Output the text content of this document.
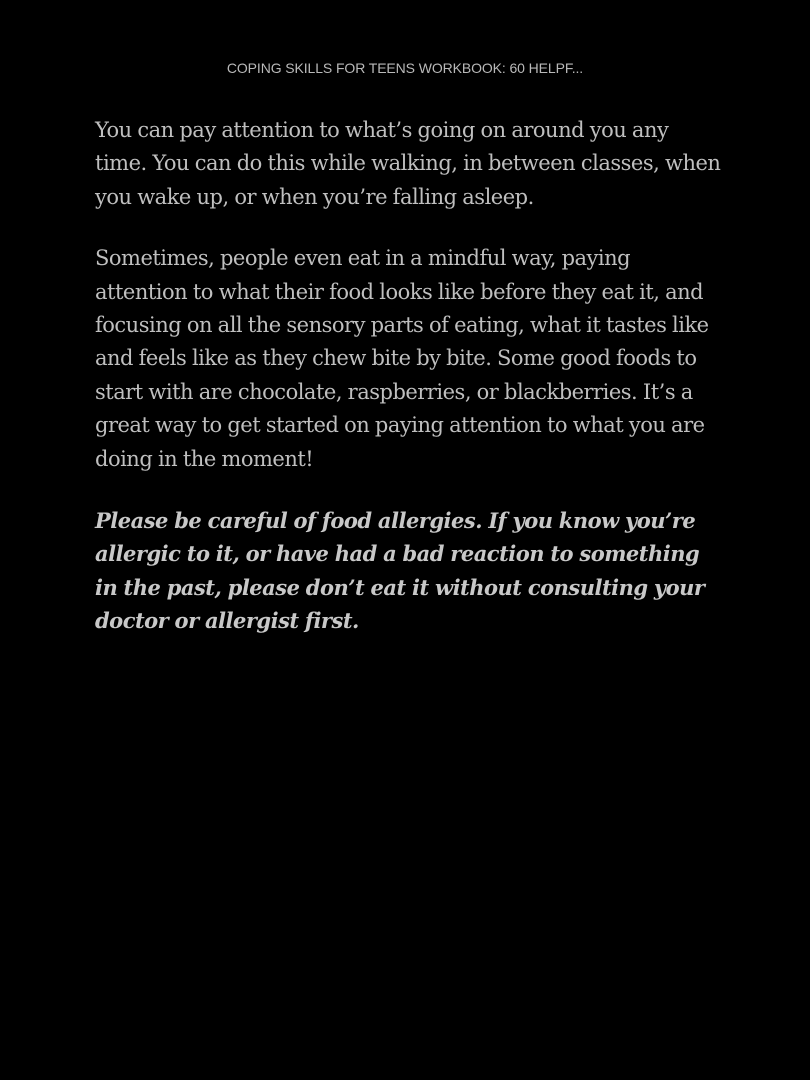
COPING SKILLS FOR TEENS WORKBOOK: 60 HELPF...

You can pay attention to what’s going on around you any time. You can do this while walking, in between classes, when you wake up, or when you’re falling asleep.

Sometimes, people even eat in a mindful way, paying attention to what their food looks like before they eat it, and focusing on all the sensory parts of eating, what it tastes like and feels like as they chew bite by bite. Some good foods to start with are chocolate, raspberries, or blackberries. It’s a great way to get started on paying attention to what you are doing in the moment!

Please be careful of food allergies. If you know you’re allergic to it, or have had a bad reaction to something in the past, please don’t eat it without consulting your doctor or allergist first.
